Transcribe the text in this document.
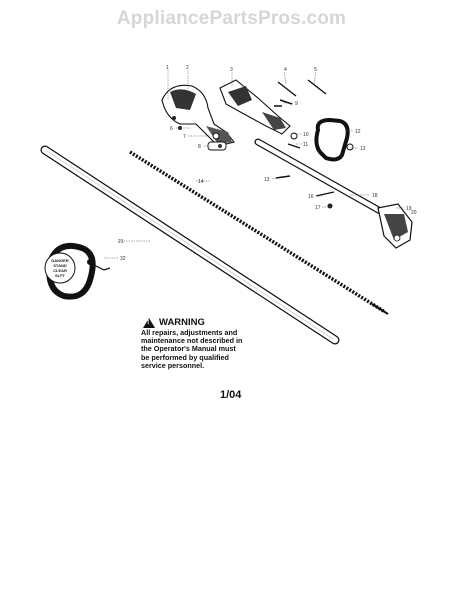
AppliancePartsPros.com
1	2	3	4	5
6
7
8
9
10
11
12
13
13
14
16
17
18
19
20
21
32
DANGER
STAND
CLEAR
SLFT
!
WARNING
All repairs, adjustments and
maintenance not described in
the Operator's Manual must
be performed by qualified
service personnel.
1/04
